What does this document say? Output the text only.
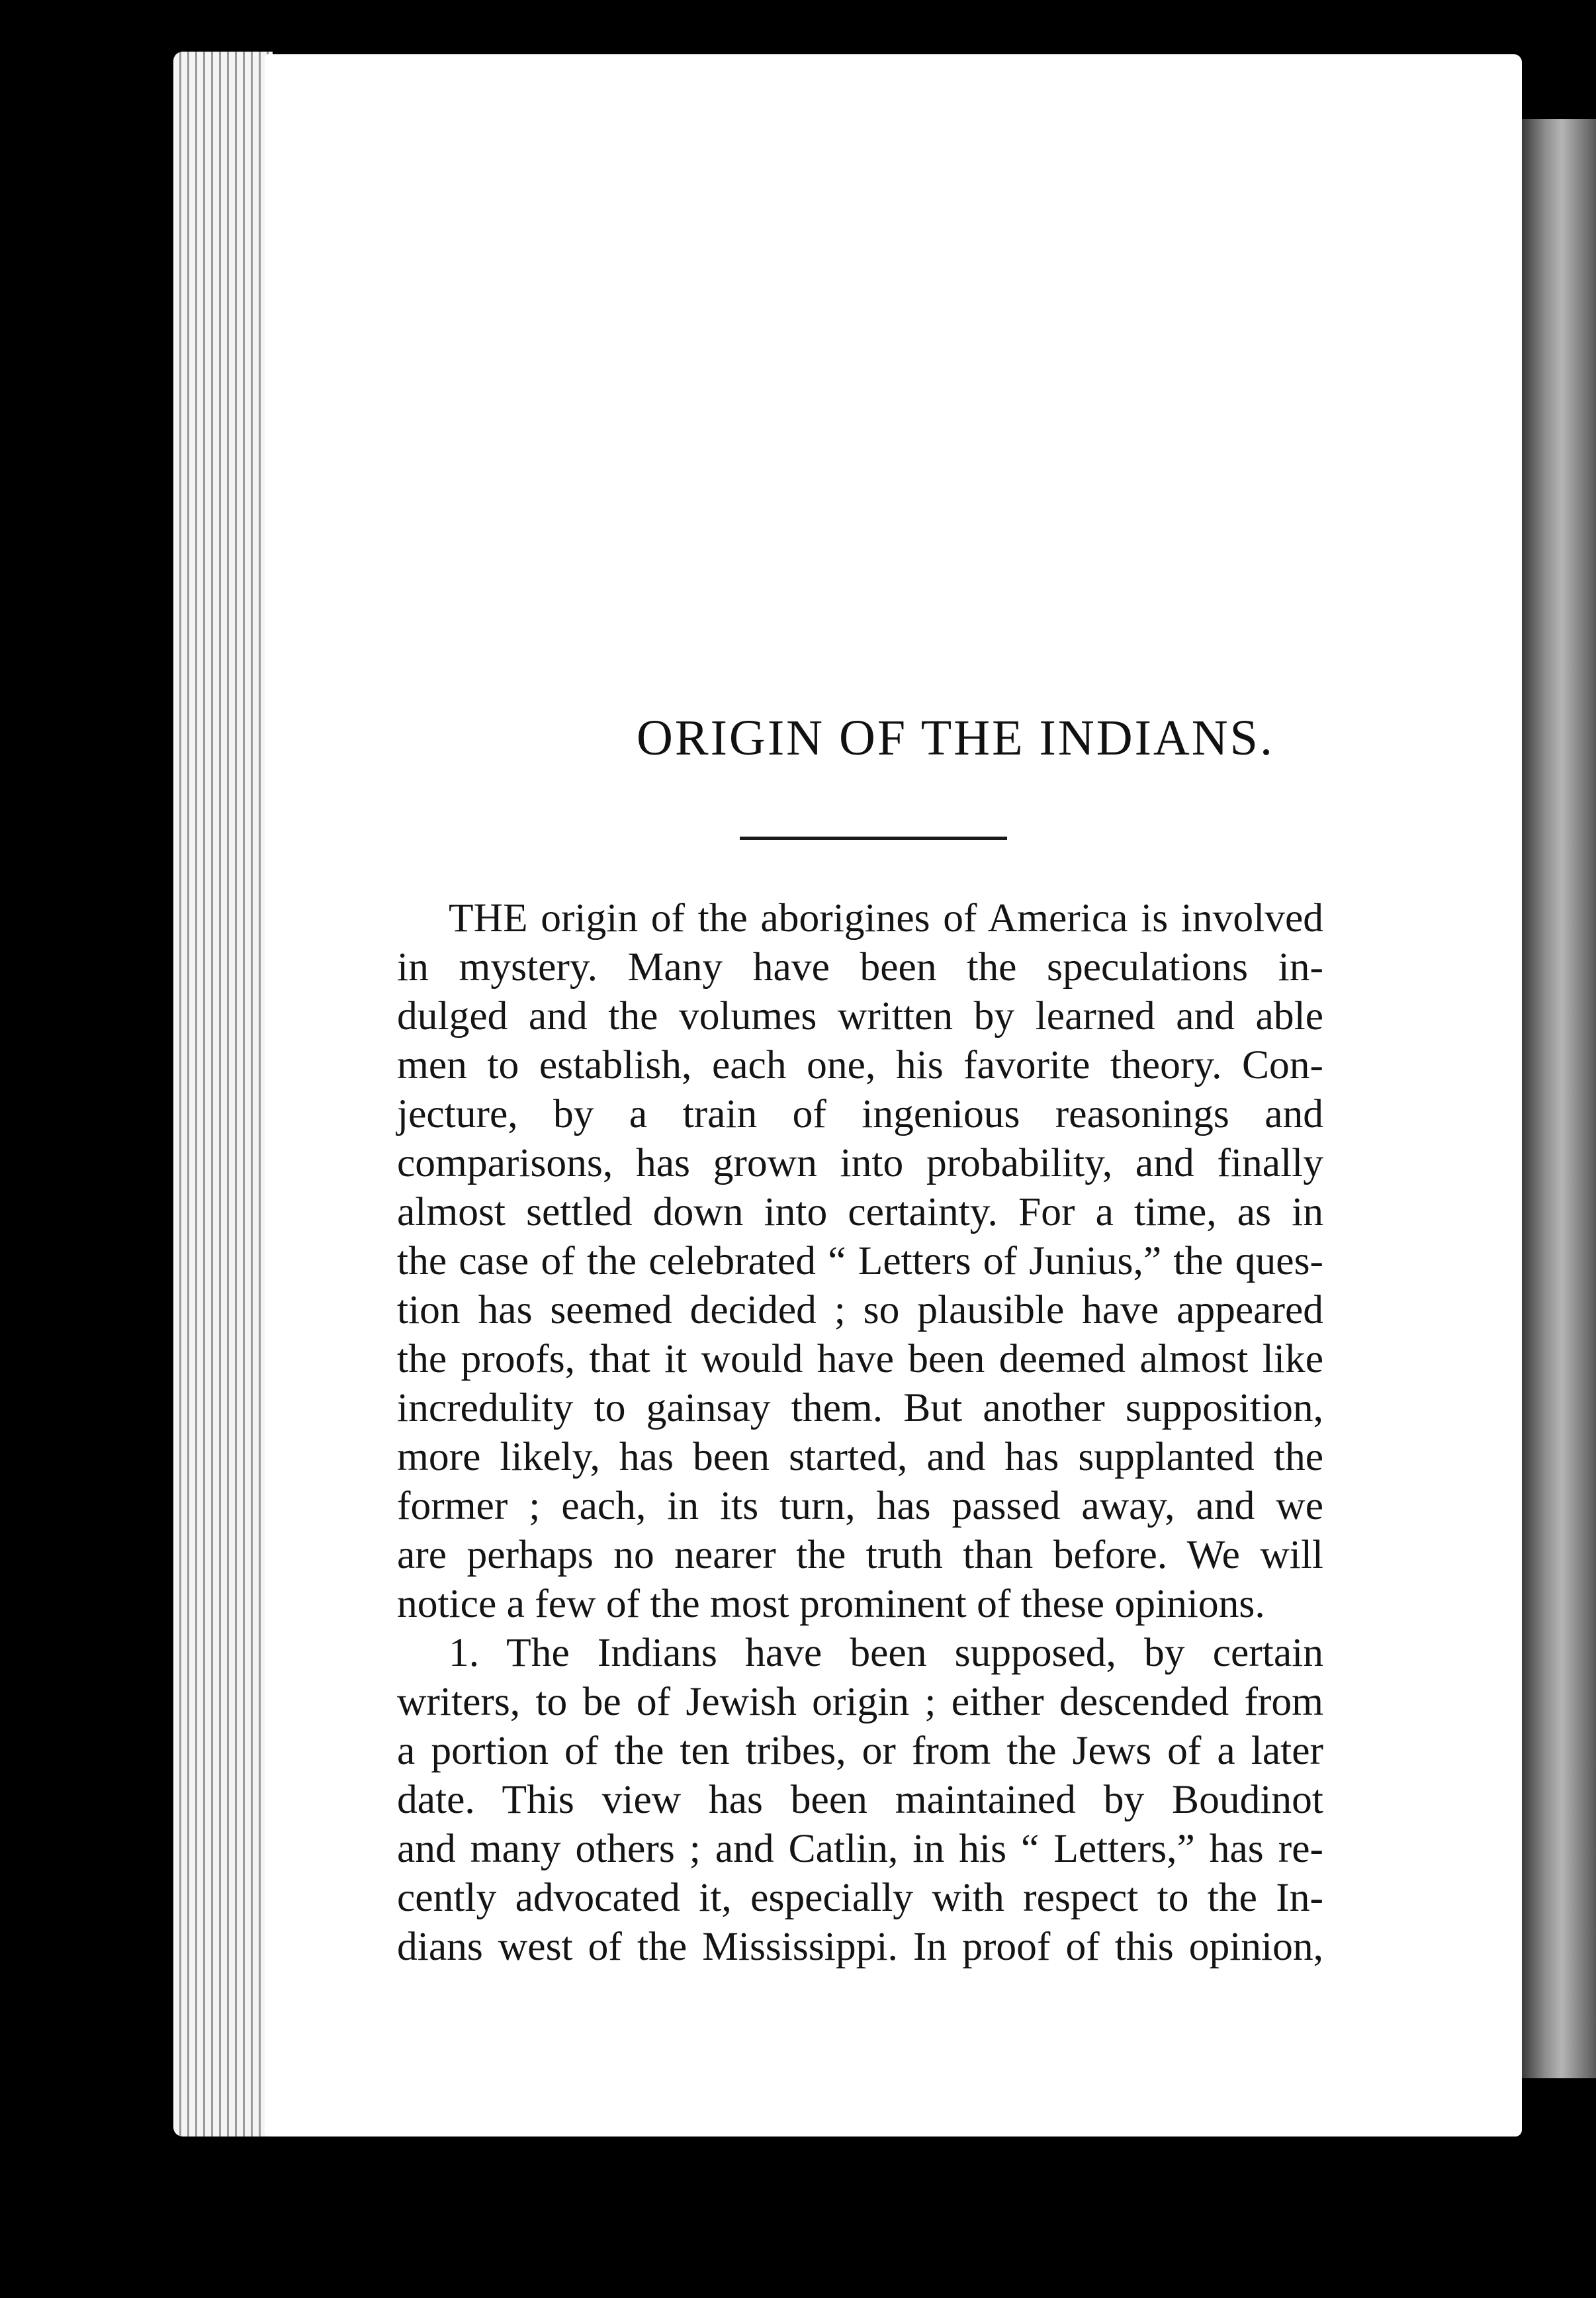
ORIGIN OF THE INDIANS.
THE origin of the aborigines of America is involved
in mystery. Many have been the speculations in-
dulged and the volumes written by learned and able
men to establish, each one, his favorite theory. Con-
jecture, by a train of ingenious reasonings and
comparisons, has grown into probability, and finally
almost settled down into certainty. For a time, as in
the case of the celebrated “ Letters of Junius,” the ques-
tion has seemed decided ; so plausible have appeared
the proofs, that it would have been deemed almost like
incredulity to gainsay them. But another supposition,
more likely, has been started, and has supplanted the
former ; each, in its turn, has passed away, and we
are perhaps no nearer the truth than before. We will
notice a few of the most prominent of these opinions.
1. The Indians have been supposed, by certain
writers, to be of Jewish origin ; either descended from
a portion of the ten tribes, or from the Jews of a later
date. This view has been maintained by Boudinot
and many others ; and Catlin, in his “ Letters,” has re-
cently advocated it, especially with respect to the In-
dians west of the Mississippi. In proof of this opinion,
